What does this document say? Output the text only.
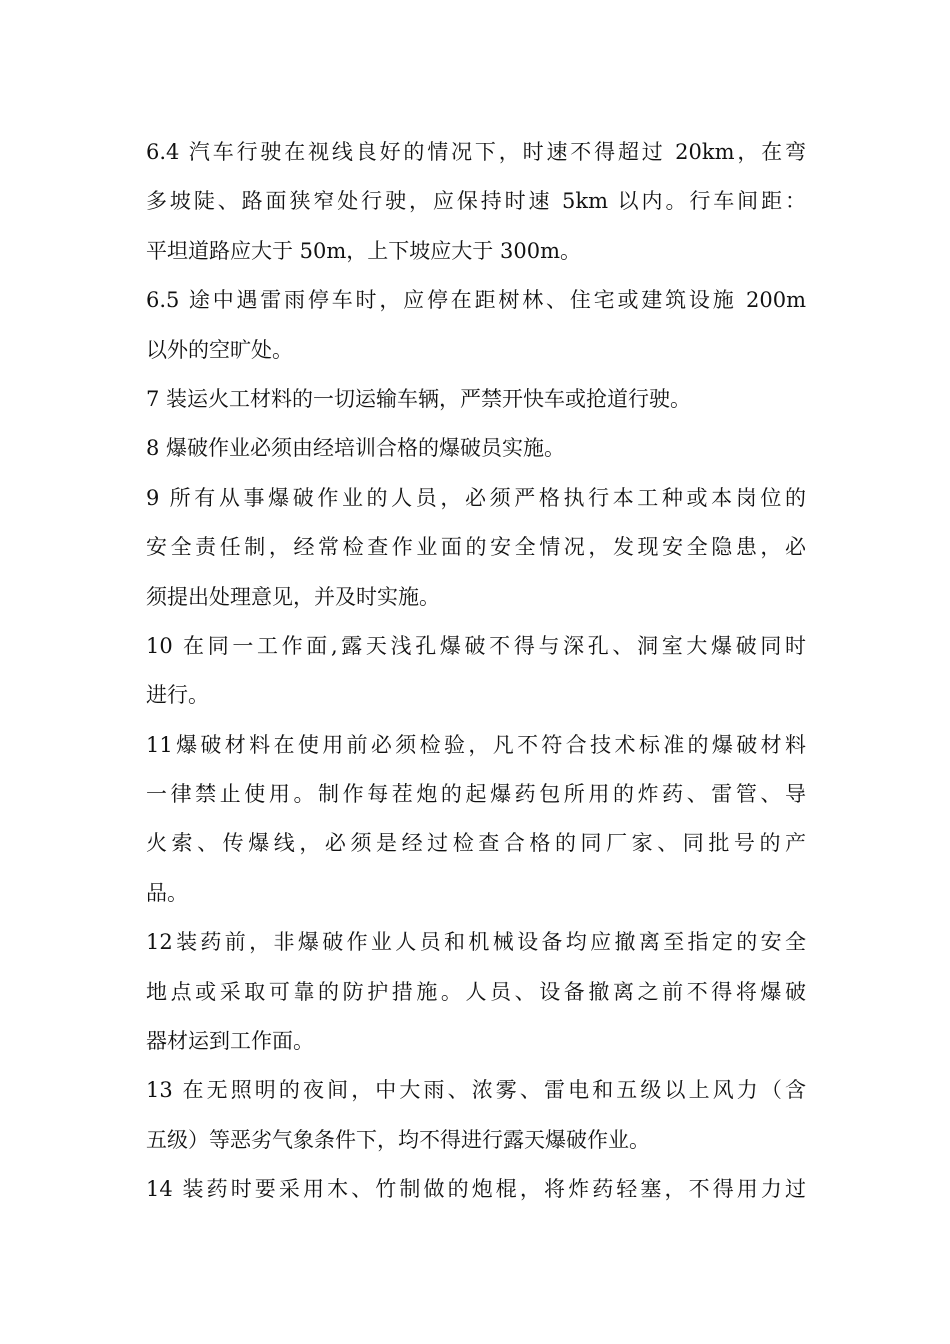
6.4 汽车行驶在视线良好的情况下，时速不得超过 20km，在弯
多坡陡、路面狭窄处行驶，应保持时速 5km 以内。行车间距：
平坦道路应大于 50m，上下坡应大于 300m。
6.5 途中遇雷雨停车时，应停在距树林、住宅或建筑设施 200m
以外的空旷处。
7 装运火工材料的一切运输车辆，严禁开快车或抢道行驶。
8 爆破作业必须由经培训合格的爆破员实施。
9 所有从事爆破作业的人员，必须严格执行本工种或本岗位的
安全责任制，经常检查作业面的安全情况，发现安全隐患，必
须提出处理意见，并及时实施。
10 在同一工作面,露天浅孔爆破不得与深孔、洞室大爆破同时
进行。
11爆破材料在使用前必须检验，凡不符合技术标准的爆破材料
一律禁止使用。制作每茬炮的起爆药包所用的炸药、雷管、导
火索、传爆线，必须是经过检查合格的同厂家、同批号的产
品。
12装药前，非爆破作业人员和机械设备均应撤离至指定的安全
地点或采取可靠的防护措施。人员、设备撤离之前不得将爆破
器材运到工作面。
13 在无照明的夜间，中大雨、浓雾、雷电和五级以上风力（含
五级）等恶劣气象条件下，均不得进行露天爆破作业。
14 装药时要采用木、竹制做的炮棍，将炸药轻塞，不得用力过
